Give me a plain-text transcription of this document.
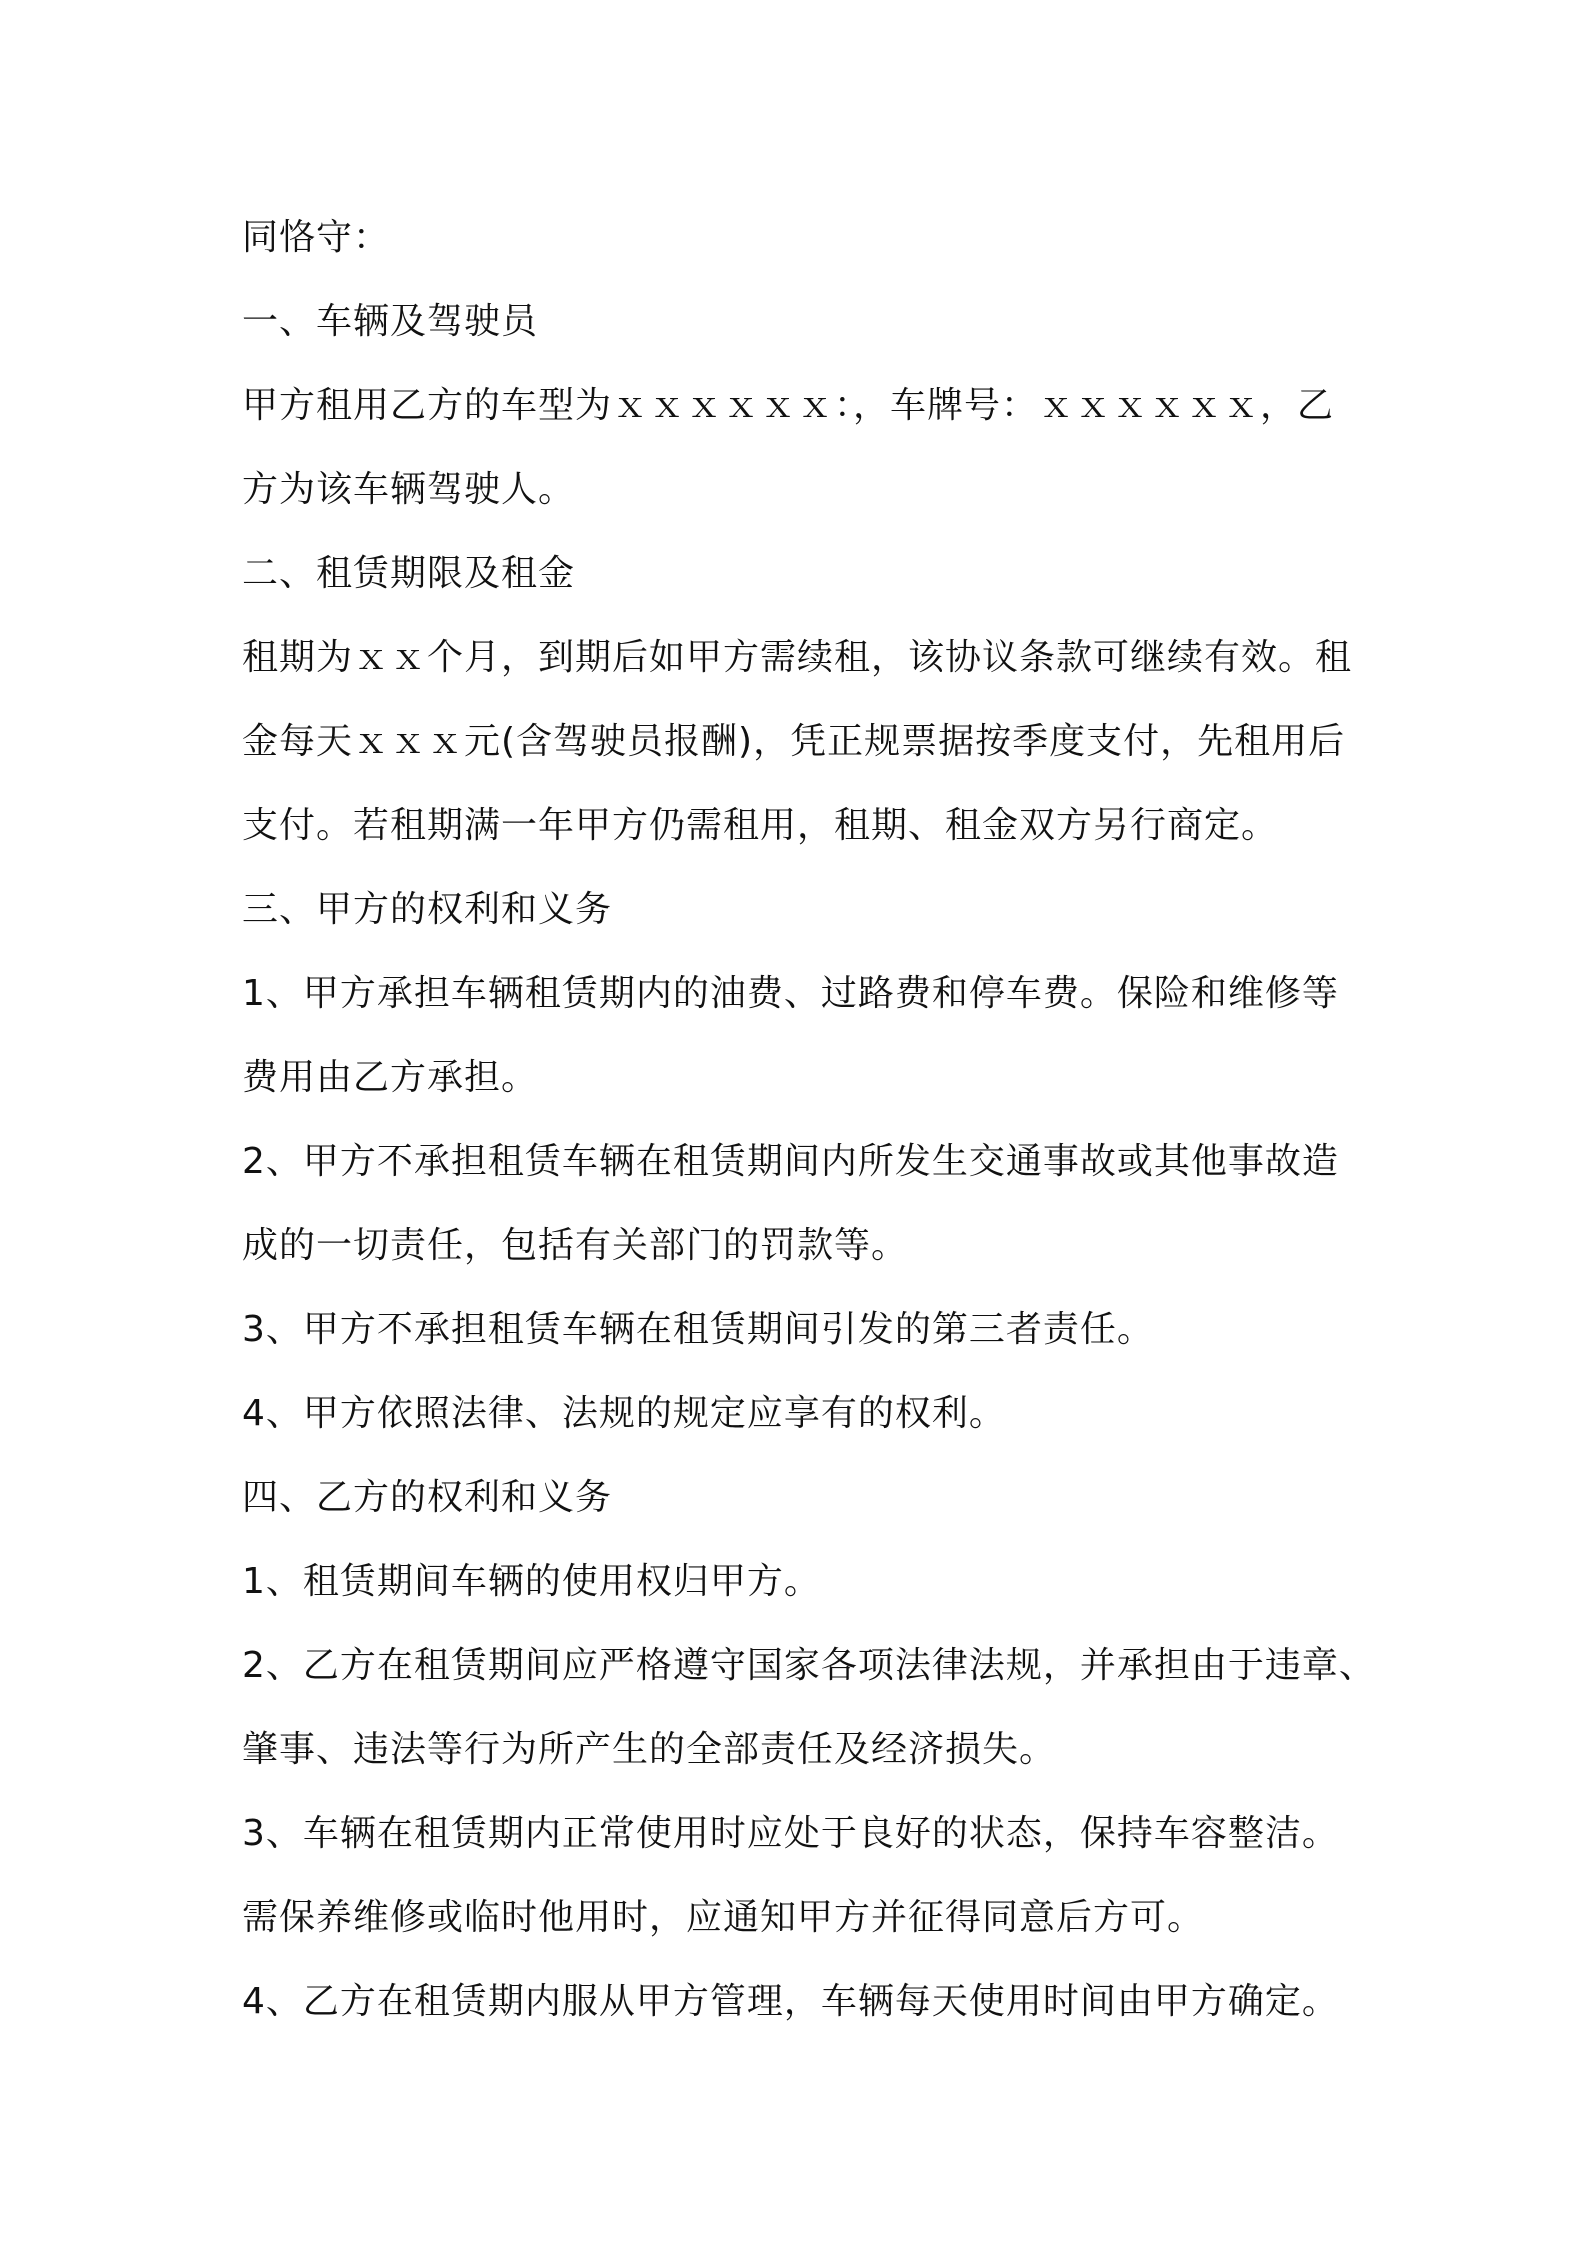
同恪守：

一、车辆及驾驶员

甲方租用乙方的车型为ｘｘｘｘｘｘ：，车牌号：ｘｘｘｘｘｘ，乙

方为该车辆驾驶人。

二、租赁期限及租金

租期为ｘｘ个月，到期后如甲方需续租，该协议条款可继续有效。租

金每天ｘｘｘ元(含驾驶员报酬)，凭正规票据按季度支付，先租用后

支付。若租期满一年甲方仍需租用，租期、租金双方另行商定。

三、甲方的权利和义务

1、甲方承担车辆租赁期内的油费、过路费和停车费。保险和维修等

费用由乙方承担。

2、甲方不承担租赁车辆在租赁期间内所发生交通事故或其他事故造

成的一切责任，包括有关部门的罚款等。

3、甲方不承担租赁车辆在租赁期间引发的第三者责任。

4、甲方依照法律、法规的规定应享有的权利。

四、乙方的权利和义务

1、租赁期间车辆的使用权归甲方。

2、乙方在租赁期间应严格遵守国家各项法律法规，并承担由于违章、

肇事、违法等行为所产生的全部责任及经济损失。

3、车辆在租赁期内正常使用时应处于良好的状态，保持车容整洁。

需保养维修或临时他用时，应通知甲方并征得同意后方可。

4、乙方在租赁期内服从甲方管理，车辆每天使用时间由甲方确定。
